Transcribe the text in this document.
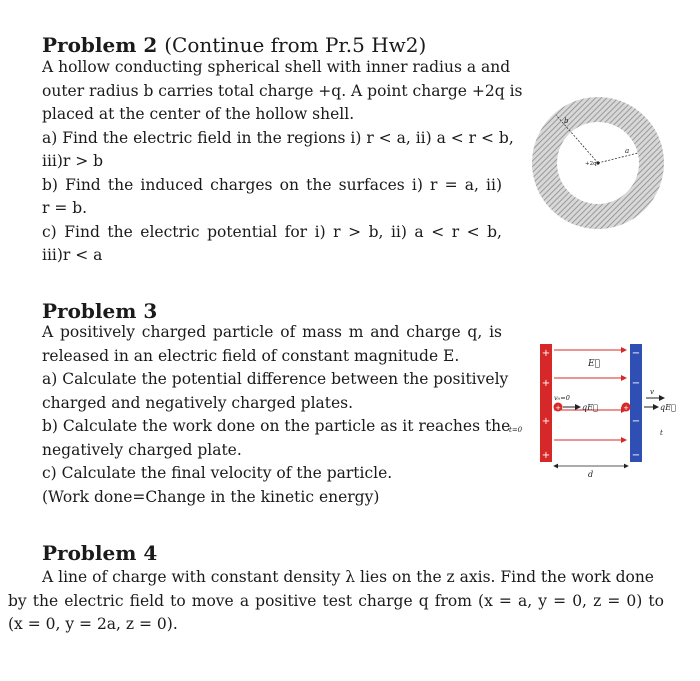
Problem 2 (Continue from Pr.5 Hw2)
A hollow conducting spherical shell with inner radius a and
outer radius b carries total charge +q. A point charge +2q is
placed at the center of the hollow shell.
a) Find the electric field in the regions i) r < a, ii) a < r < b,
iii)r > b
b) Find the induced charges on the surfaces i) r = a, ii)
r = b.
c) Find the electric potential for i) r > b, ii) a < r < b,
iii)r < a
b
a
+2q
Problem 3
A positively charged particle of mass m and charge q, is
released in an electric field of constant magnitude E.
a) Calculate the potential difference between the positively
charged and negatively charged plates.
b) Calculate the work done on the particle as it reaches the
negatively charged plate.
c) Calculate the final velocity of the particle.
(Work done=Change in the kinetic energy)
+
+
+
+
−
−
−
−
E⃗
v₀=0
+	qE⃗	+	qE⃗
v
t=0	t
d
Problem 4
A line of charge with constant density λ lies on the z axis. Find the work done
by the electric field to move a positive test charge q from (x = a, y = 0, z = 0) to
(x = 0, y = 2a, z = 0).
